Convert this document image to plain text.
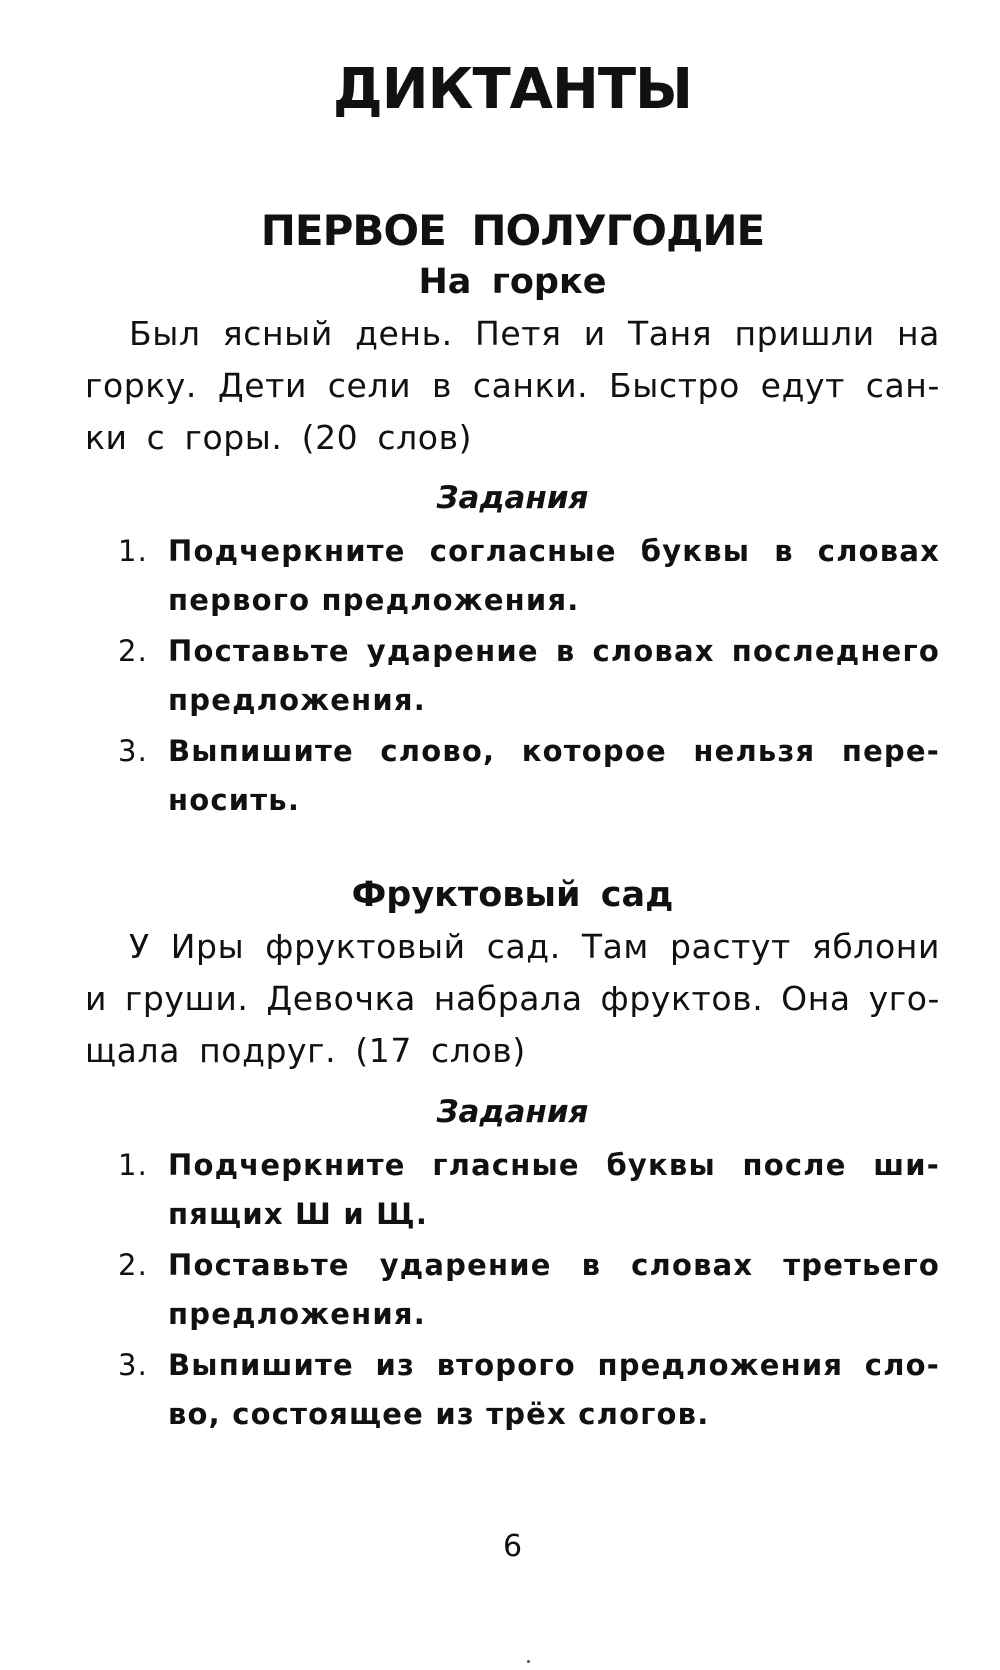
ДИКТАНТЫ
ПЕРВОЕ ПОЛУГОДИЕ
На горке

Был ясный день. Петя и Таня пришли на
горку. Дети сели в санки. Быстро едут сан-
ки с горы. (20 слов)

Задания
1. Подчеркните согласные буквы в словах
первого предложения.
2. Поставьте ударение в словах последнего
предложения.
3. Выпишите слово, которое нельзя пере-
носить.
Фруктовый сад

У Иры фруктовый сад. Там растут яблони
и груши. Девочка набрала фруктов. Она уго-
щала подруг. (17 слов)

Задания
1. Подчеркните гласные буквы после ши-
пящих Ш и Щ.
2. Поставьте ударение в словах третьего
предложения.
3. Выпишите из второго предложения сло-
во, состоящее из трёх слогов.
6
